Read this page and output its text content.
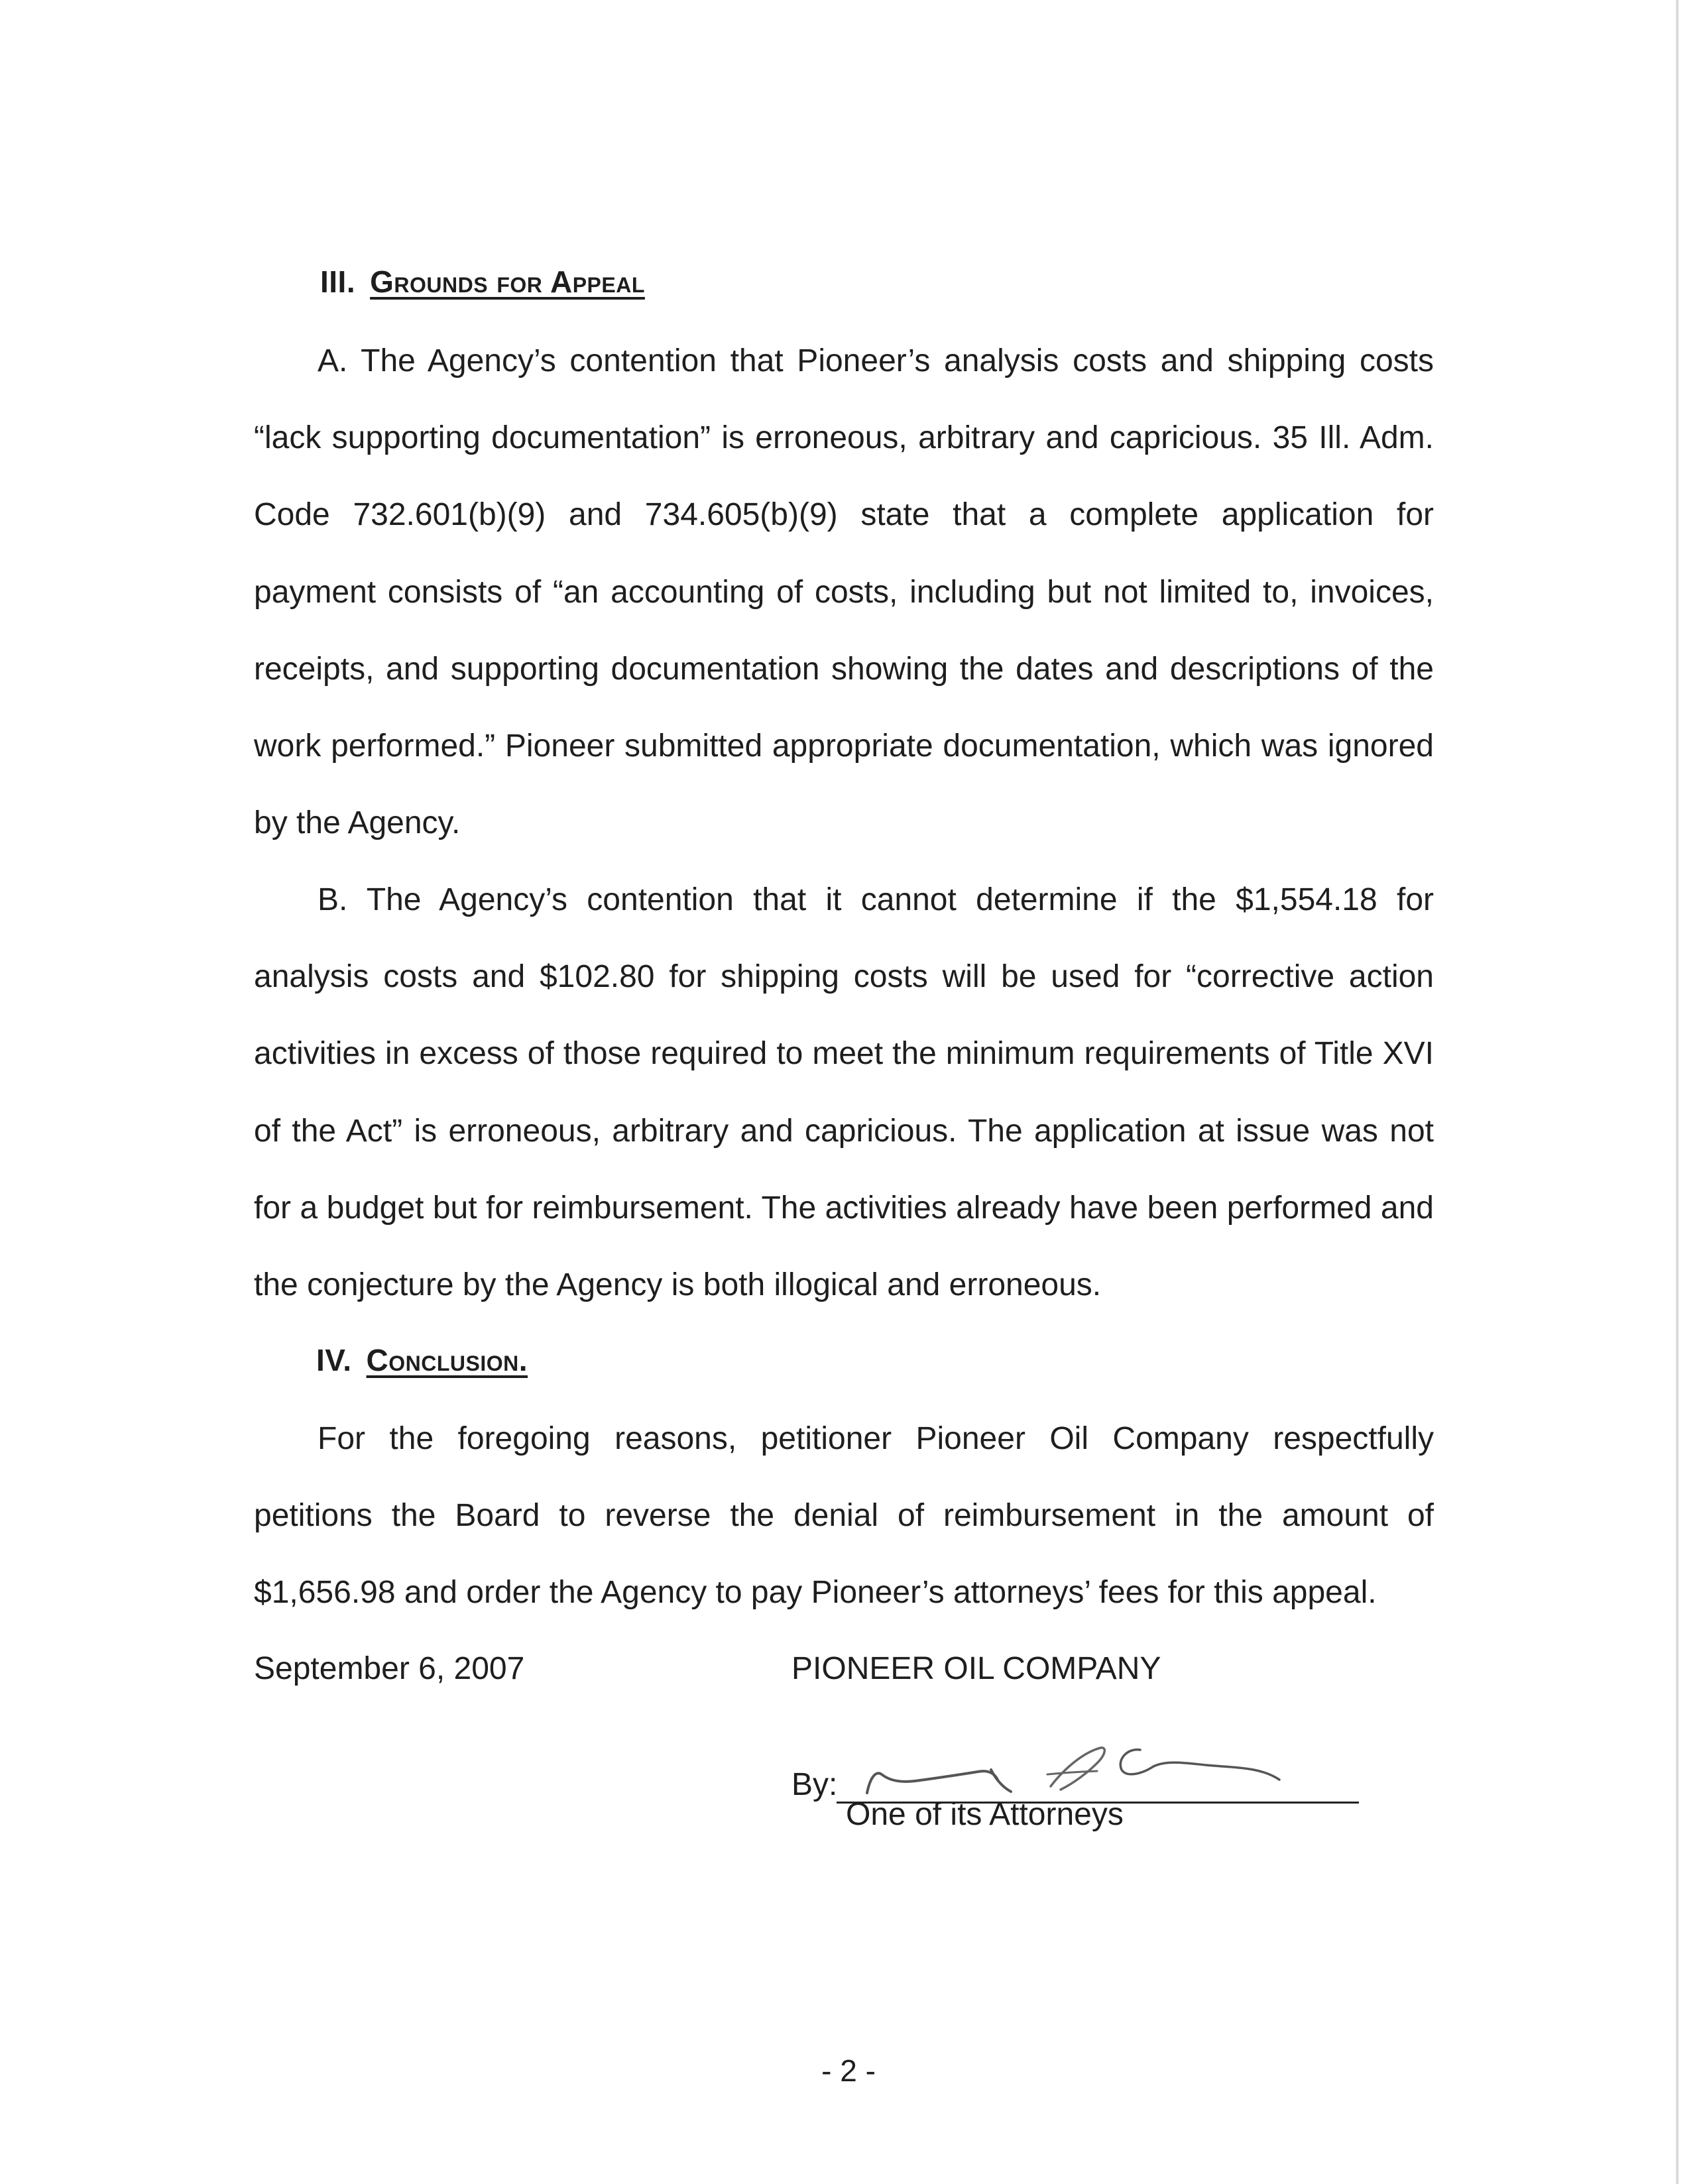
III. Grounds for Appeal
A. The Agency’s contention that Pioneer’s analysis costs and shipping costs “lack supporting documentation” is erroneous, arbitrary and capricious. 35 Ill. Adm. Code 732.601(b)(9) and 734.605(b)(9) state that a complete application for payment consists of “an accounting of costs, including but not limited to, invoices, receipts, and supporting documentation showing the dates and descriptions of the work performed.” Pioneer submitted appropriate documentation, which was ignored by the Agency.
B. The Agency’s contention that it cannot determine if the $1,554.18 for analysis costs and $102.80 for shipping costs will be used for “corrective action activities in excess of those required to meet the minimum requirements of Title XVI of the Act” is erroneous, arbitrary and capricious. The application at issue was not for a budget but for reimbursement. The activities already have been performed and the conjecture by the Agency is both illogical and erroneous.
IV. Conclusion.
For the foregoing reasons, petitioner Pioneer Oil Company respectfully petitions the Board to reverse the denial of reimbursement in the amount of $1,656.98 and order the Agency to pay Pioneer’s attorneys’ fees for this appeal.
September 6, 2007	PIONEER OIL COMPANY
By:
One of its Attorneys
- 2 -
